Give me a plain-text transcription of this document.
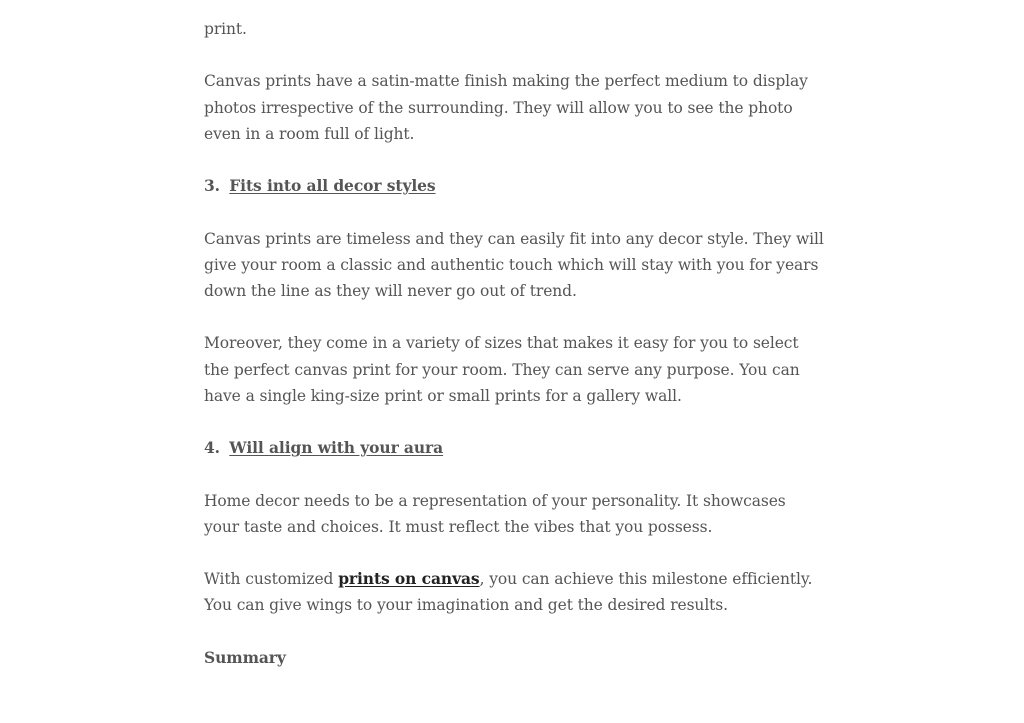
print.

Canvas prints have a satin-matte finish making the perfect medium to display photos irrespective of the surrounding. They will allow you to see the photo even in a room full of light.

3. Fits into all decor styles

Canvas prints are timeless and they can easily fit into any decor style. They will give your room a classic and authentic touch which will stay with you for years down the line as they will never go out of trend.

Moreover, they come in a variety of sizes that makes it easy for you to select the perfect canvas print for your room. They can serve any purpose. You can have a single king-size print or small prints for a gallery wall.

4. Will align with your aura

Home decor needs to be a representation of your personality. It showcases your taste and choices. It must reflect the vibes that you possess.

With customized prints on canvas, you can achieve this milestone efficiently. You can give wings to your imagination and get the desired results.

Summary
